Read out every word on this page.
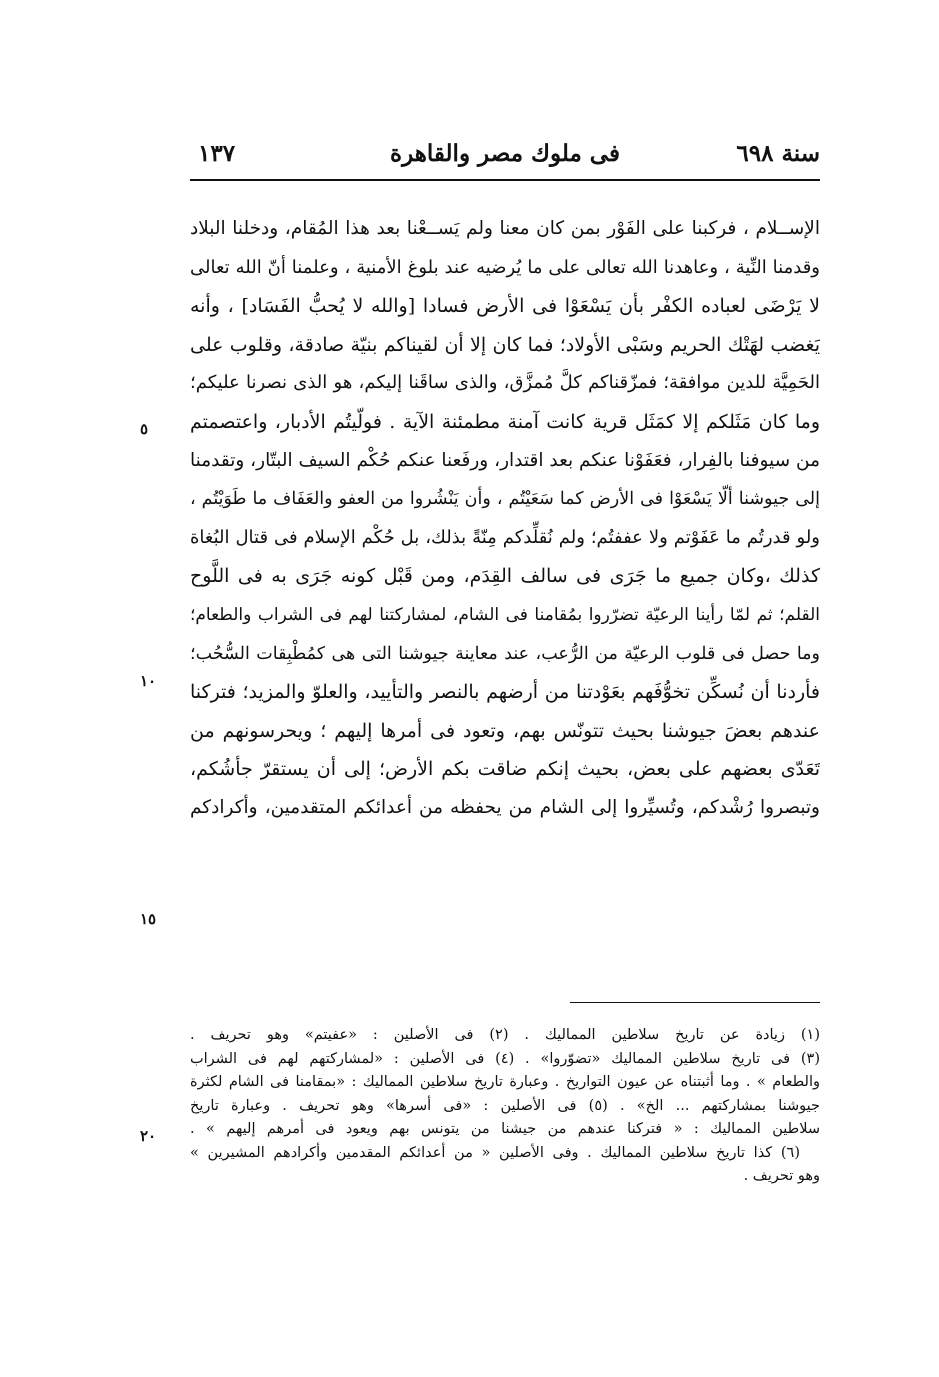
سنة ٦٩٨
فى ملوك مصر والقاهرة
١٣٧
الإســلام ، فركبنا على الفَوْر بمن كان معنا ولم يَســعْنا بعد هذا المُقام، ودخلنا البلاد
وقدمنا النِّية ، وعاهدنا الله تعالى على ما يُرضيه عند بلوغ الأمنية ، وعلمنا أنّ الله تعالى
لا يَرْضَى لعباده الكفْر بأن يَسْعَوْا فى الأرض فسادا [والله لا يُحبُّ الفَسَاد] ، وأنه
يَغضب لهَتْك الحريم وسَبْى الأولاد؛ فما كان إلا أن لقيناكم بنيّة صادقة، وقلوب على
الحَمِيَّة للدين موافقة؛ فمزّقناكم كلَّ مُمزَّق، والذى ساقَنا إليكم، هو الذى نصرنا عليكم؛
وما كان مَثَلكم إلا كمَثَل قرية كانت آمنة مطمئنة الآية . فولّيتُم الأدبار، واعتصمتم
من سيوفنا بالفِرار، فعَفَوْنا عنكم بعد اقتدار، ورفَعنا عنكم حُكْم السيف البتّار، وتقدمنا
إلى جيوشنا ألّا يَسْعَوْا فى الأرض كما سَعَيْتُم ، وأن يَنْشُروا من العفو والعَفَاف ما طَوَيْتُم ،
ولو قدرتُم ما عَفَوْتم ولا عففتُم؛ ولم نُقلِّدكم مِنّةً بذلك، بل حُكْم الإسلام فى قتال البُغاة
كذلك ،وكان جميع ما جَرَى فى سالف القِدَم، ومن قَبْل كونه جَرَى به فى اللَّوح
القلم؛ ثم لمّا رأينا الرعيّة تضرّروا بمُقامنا فى الشام، لمشاركتنا لهم فى الشراب والطعام؛
وما حصل فى قلوب الرعيّة من الرُّعب، عند معاينة جيوشنا التى هى كمُطْبِقات السُّحُب؛
فأردنا أن نُسكِّن تخوُّفَهم بعَوْدتنا من أرضهم بالنصر والتأييد، والعلوّ والمزيد؛ فتركنا
عندهم بعضَ جيوشنا بحيث تتونّس بهم، وتعود فى أمرها إليهم ؛ ويحرسونهم من
تَعَدّى بعضهم على بعض، بحيث إنكم ضاقت بكم الأرض؛ إلى أن يستقرّ جأشُكم،
وتبصروا رُشْدكم، وتُسيِّروا إلى الشام من يحفظه من أعدائكم المتقدمين، وأكرادكم
٥
١٠
١٥
٢٠
(١) زيادة عن تاريخ سلاطين المماليك . (٢) فى الأصلين : «عفيتم» وهو تحريف .
(٣) فى تاريخ سلاطين المماليك «تضوّروا» . (٤) فى الأصلين : «لمشاركتهم لهم فى الشراب
والطعام » . وما أثبتناه عن عيون التواريخ . وعبارة تاريخ سلاطين المماليك : «بمقامنا فى الشام لكثرة
جيوشنا بمشاركتهم ... الخ» . (٥) فى الأصلين : «فى أسرها» وهو تحريف . وعبارة تاريخ
سلاطين المماليك : « فتركنا عندهم من جيشنا من يتونس بهم ويعود فى أمرهم إليهم » .
(٦) كذا تاريخ سلاطين المماليك . وفى الأصلين « من أعدائكم المقدمين وأكرادهم المشيرين »
وهو تحريف .
